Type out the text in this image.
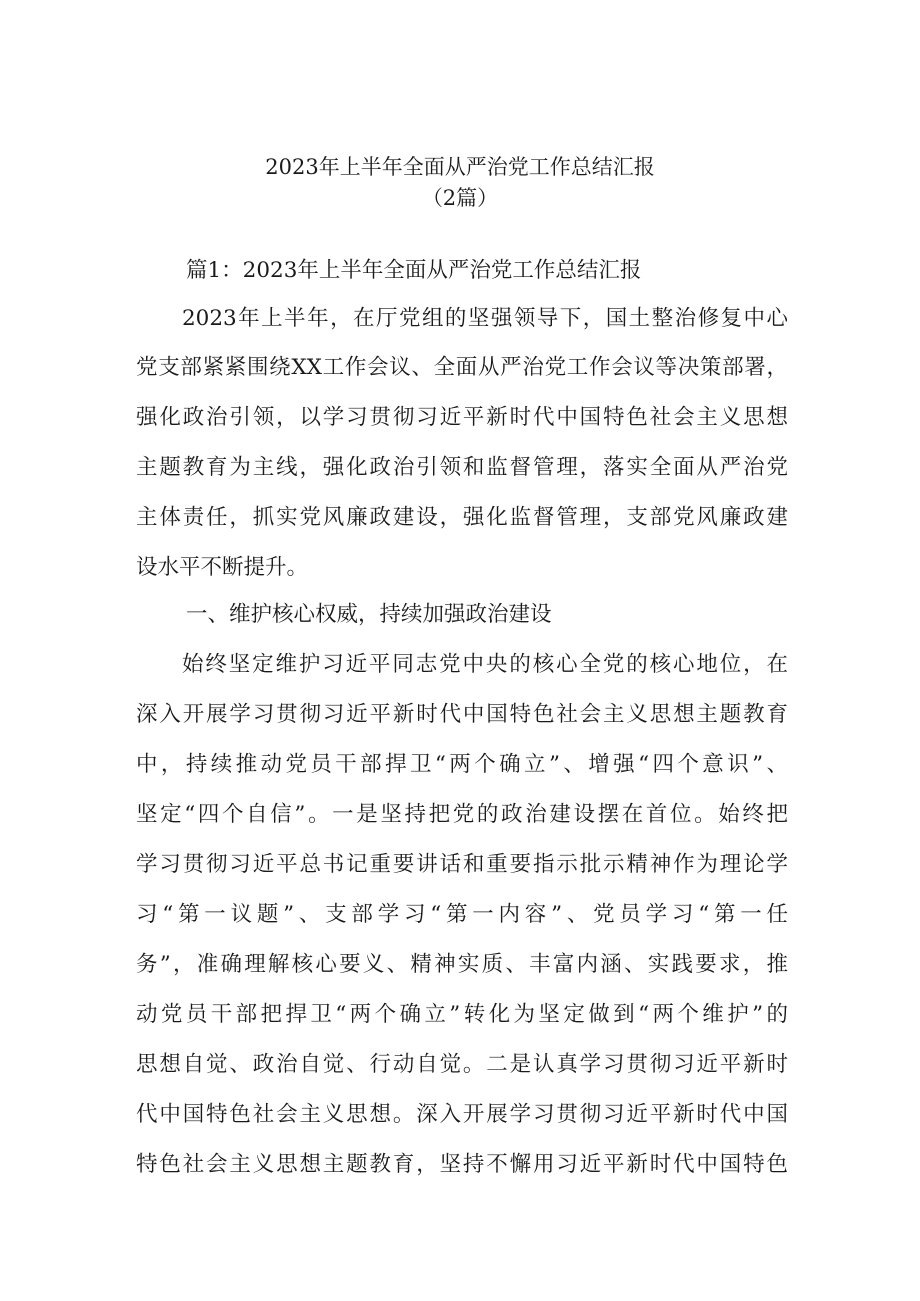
2023年上半年全面从严治党工作总结汇报
（2篇）
篇1：2023年上半年全面从严治党工作总结汇报
2023年上半年，在厅党组的坚强领导下，国土整治修复中心
党支部紧紧围绕XX工作会议、全面从严治党工作会议等决策部署，
强化政治引领，以学习贯彻习近平新时代中国特色社会主义思想
主题教育为主线，强化政治引领和监督管理，落实全面从严治党
主体责任，抓实党风廉政建设，强化监督管理，支部党风廉政建
设水平不断提升。
一、维护核心权威，持续加强政治建设
始终坚定维护习近平同志党中央的核心全党的核心地位，在
深入开展学习贯彻习近平新时代中国特色社会主义思想主题教育
中，持续推动党员干部捍卫“两个确立”、增强“四个意识”、
坚定“四个自信”。一是坚持把党的政治建设摆在首位。始终把
学习贯彻习近平总书记重要讲话和重要指示批示精神作为理论学
习“第一议题”、支部学习“第一内容”、党员学习“第一任
务”，准确理解核心要义、精神实质、丰富内涵、实践要求，推
动党员干部把捍卫“两个确立”转化为坚定做到“两个维护”的
思想自觉、政治自觉、行动自觉。二是认真学习贯彻习近平新时
代中国特色社会主义思想。深入开展学习贯彻习近平新时代中国
特色社会主义思想主题教育，坚持不懈用习近平新时代中国特色
